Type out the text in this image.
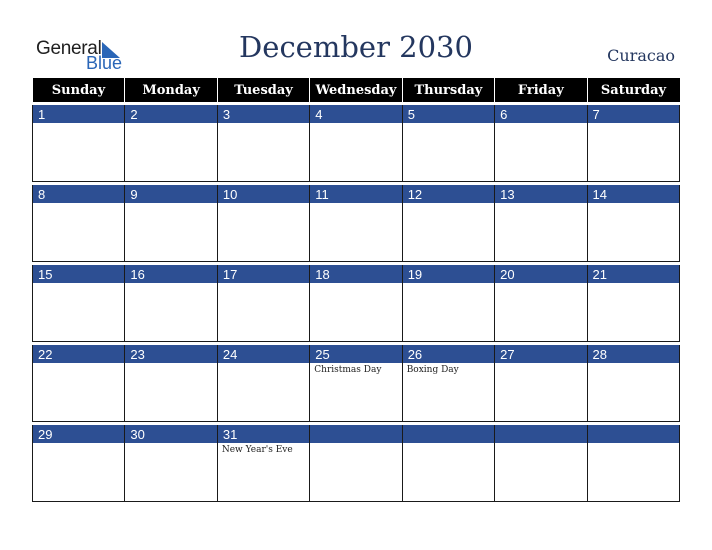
General
Blue	December 2030	Curacao
Sunday	Monday	Tuesday	Wednesday	Thursday	Friday	Saturday

1	2	3	4	5	6	7

8	9	10	11	12	13	14

15	16	17	18	19	20	21

22	23	24	25	26	27	28
			Christmas Day	Boxing Day		

29	30	31				
		New Year's Eve				
